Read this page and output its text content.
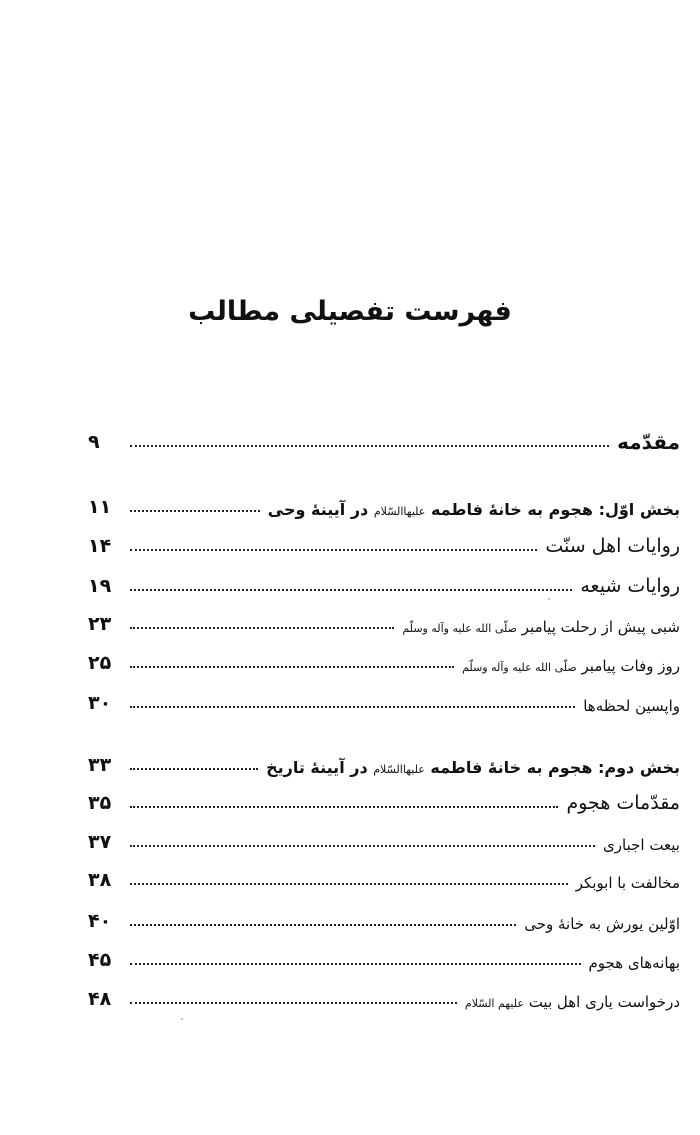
فهرست تفصیلی مطالب
مقدّمه
۹
بخش اوّل: هجوم به خانهٔ فاطمه علیهاالسّلام در آیینهٔ وحی
۱۱
روایات اهل سنّت
۱۴
روایات شیعه
۱۹
شبی پیش از رحلت پیامبر صلّی الله علیه وآله وسلّم
۲۳
روز وفات پیامبر صلّی الله علیه وآله وسلّم
۲۵
واپسین لحظه‌ها
۳۰
بخش دوم: هجوم به خانهٔ فاطمه علیهاالسّلام در آیینهٔ تاریخ
۳۳
مقدّمات هجوم
۳۵
بیعت اجباری
۳۷
مخالفت با ابوبکر
۳۸
اوّلین یورش به خانهٔ وحی
۴۰
بهانه‌های هجوم
۴۵
درخواست یاری اهل بیت علیهم السّلام
۴۸
